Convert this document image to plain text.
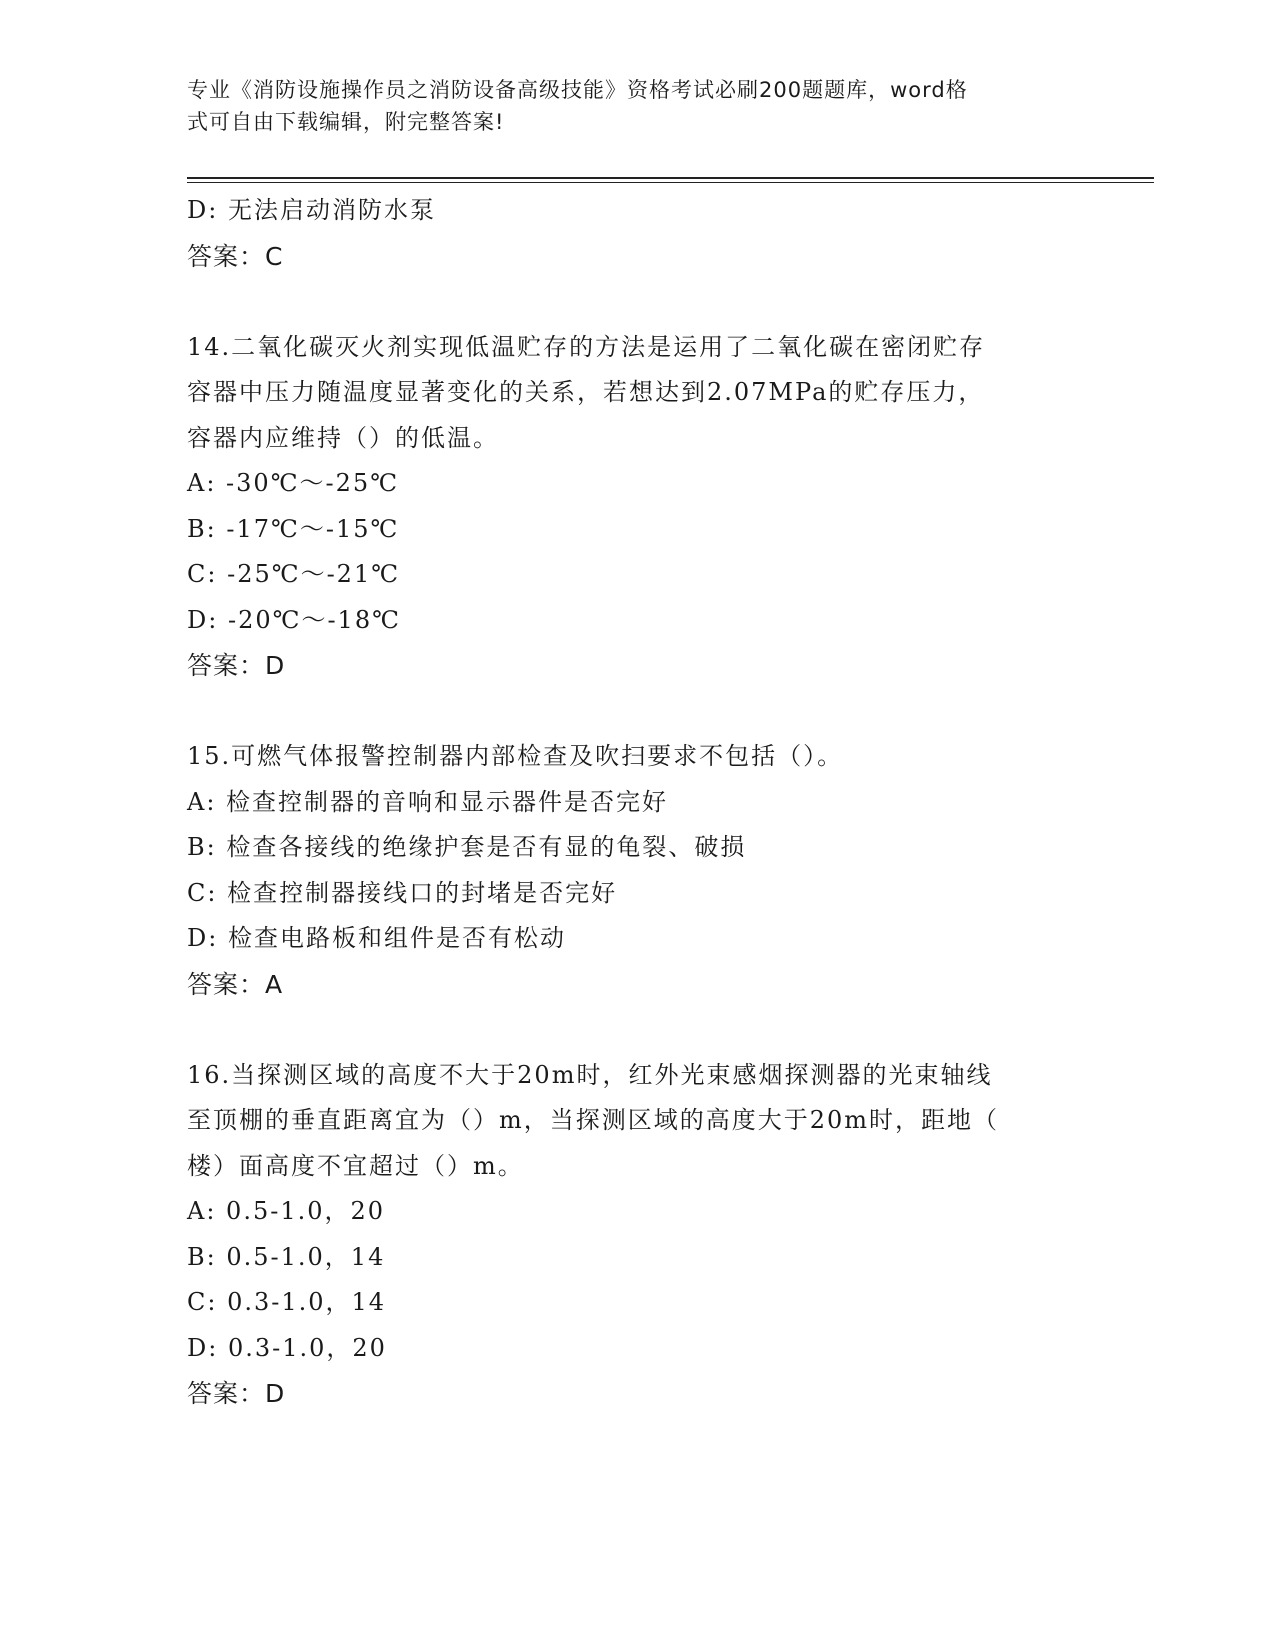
专业《消防设施操作员之消防设备高级技能》资格考试必刷200题题库，word格
式可自由下载编辑，附完整答案!
D: 无法启动消防水泵
答案：C
14.二氧化碳灭火剂实现低温贮存的方法是运用了二氧化碳在密闭贮存
容器中压力随温度显著变化的关系，若想达到2.07MPa的贮存压力，
容器内应维持（）的低温。
A: -30℃～-25℃
B: -17℃～-15℃
C: -25℃～-21℃
D: -20℃～-18℃
答案：D
15.可燃气体报警控制器内部检查及吹扫要求不包括（）。
A: 检查控制器的音响和显示器件是否完好
B: 检查各接线的绝缘护套是否有显的龟裂、破损
C: 检查控制器接线口的封堵是否完好
D: 检查电路板和组件是否有松动
答案：A
16.当探测区域的高度不大于20m时，红外光束感烟探测器的光束轴线
至顶棚的垂直距离宜为（）m，当探测区域的高度大于20m时，距地（
楼）面高度不宜超过（）m。
A: 0.5-1.0，20
B: 0.5-1.0，14
C: 0.3-1.0，14
D: 0.3-1.0，20
答案：D
